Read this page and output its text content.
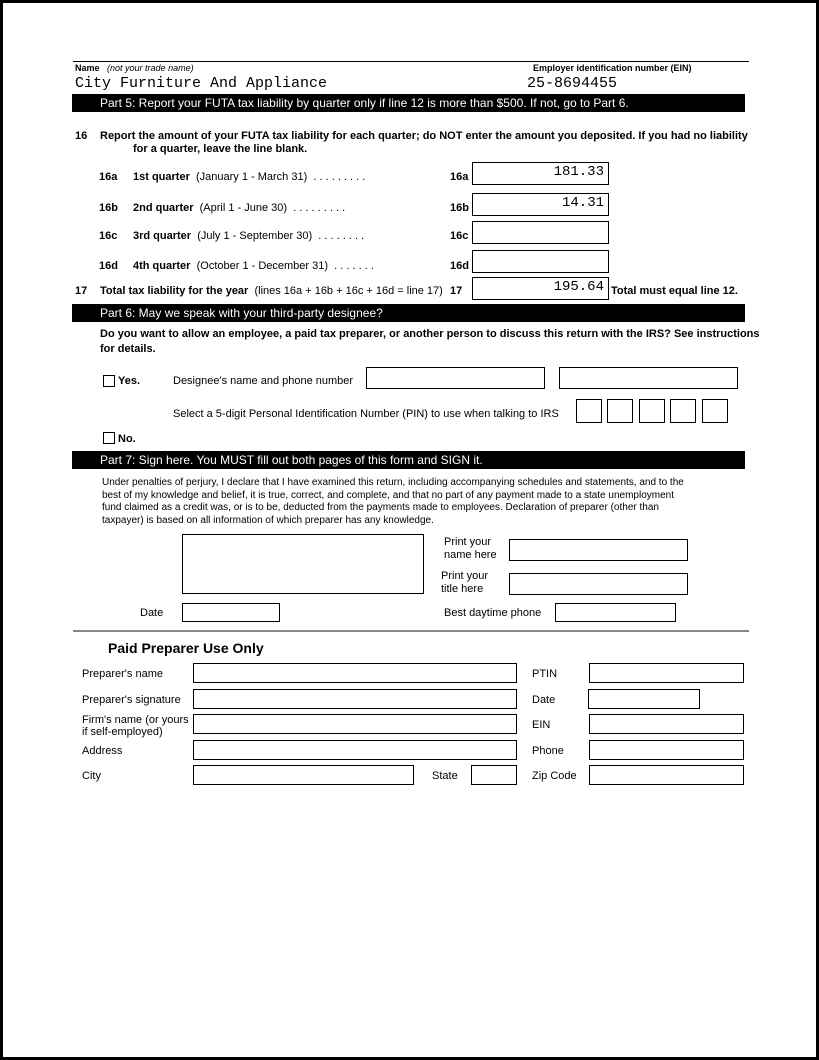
Name (not your trade name)	Employer identification number (EIN)
City Furniture And Appliance	25-8694455
Part 5: Report your FUTA tax liability by quarter only if line 12 is more than $500. If not, go to Part 6.
16 Report the amount of your FUTA tax liability for each quarter; do NOT enter the amount you deposited. If you had no liability
for a quarter, leave the line blank.
16a 1st quarter (January 1 - March 31) . . . . . . . . .	16a	181.33
16b 2nd quarter (April 1 - June 30) . . . . . . . . .	16b	14.31
16c 3rd quarter (July 1 - September 30) . . . . . . . .	16c
16d 4th quarter (October 1 - December 31) . . . . . . .	16d
17 Total tax liability for the year (lines 16a + 16b + 16c + 16d = line 17) 17	195.64 Total must equal line 12.
Part 6: May we speak with your third-party designee?
Do you want to allow an employee, a paid tax preparer, or another person to discuss this return with the IRS? See instructions
for details.
Yes.	Designee's name and phone number
Select a 5-digit Personal Identification Number (PIN) to use when talking to IRS
No.
Part 7: Sign here. You MUST fill out both pages of this form and SIGN it.
Under penalties of perjury, I declare that I have examined this return, including accompanying schedules and statements, and to the
best of my knowledge and belief, it is true, correct, and complete, and that no part of any payment made to a state unemployment
fund claimed as a credit was, or is to be, deducted from the payments made to employees. Declaration of preparer (other than
taxpayer) is based on all information of which preparer has any knowledge.
Print your
name here
Print your
title here
Date	Best daytime phone
Paid Preparer Use Only
Preparer's name	PTIN
Preparer's signature	Date
Firm's name (or yours
if self-employed)
EIN
Address	Phone
City	State	Zip Code
